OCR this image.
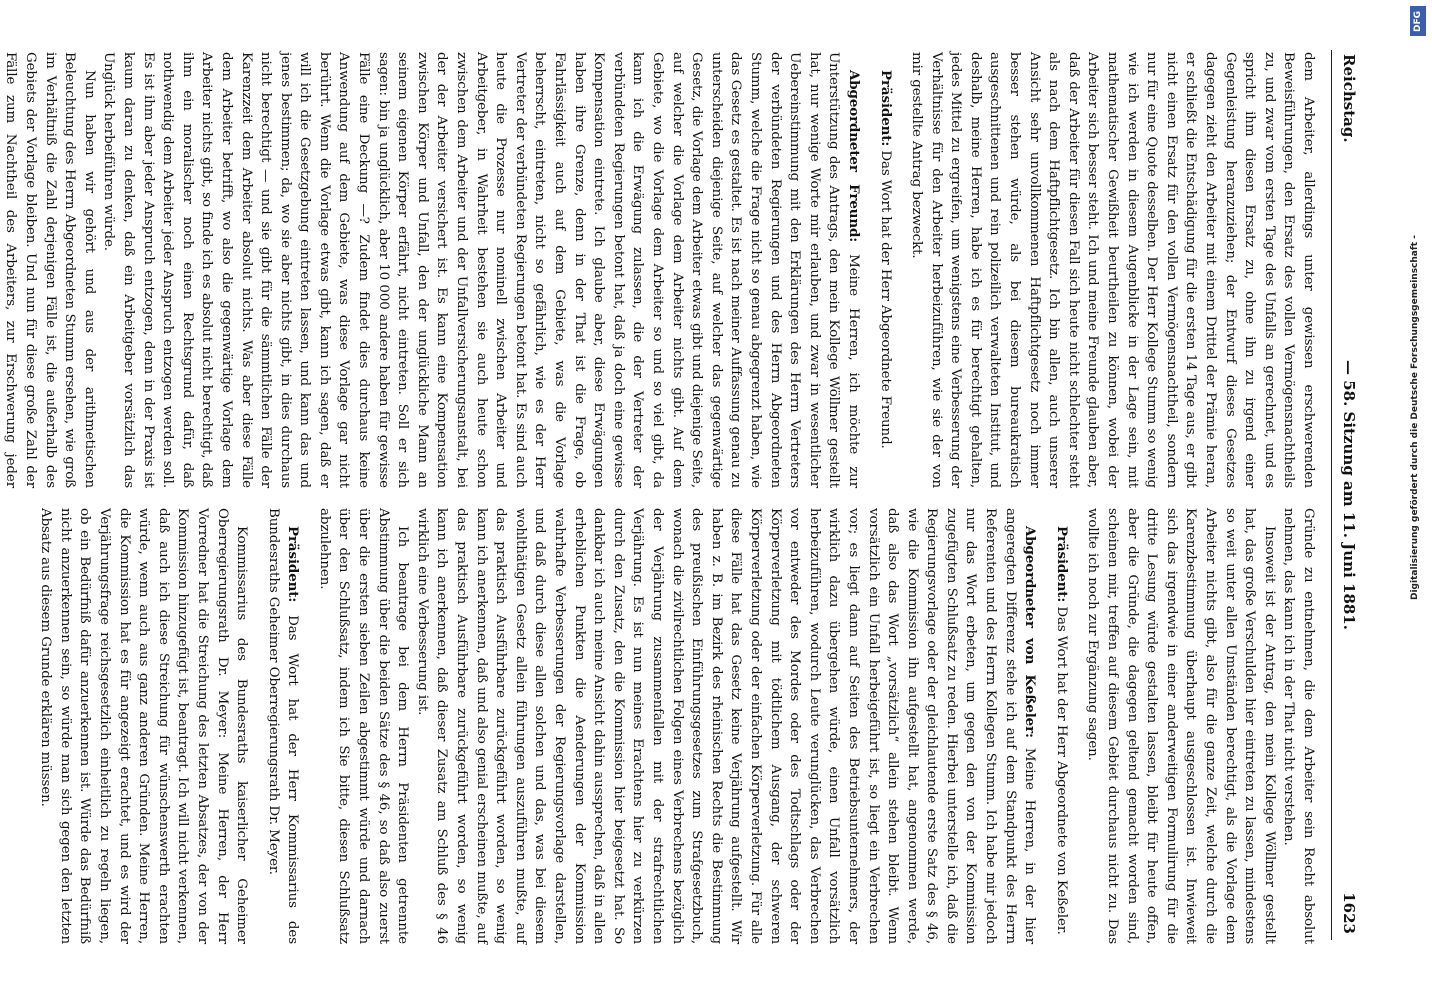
Reichstag.
— 58. Sitzung am 11. Juni 1881.
1623

dem Arbeiter, allerdings unter gewissen erschwerenden Beweisführungen, den Ersatz des vollen Vermögensnachtheils zu, und zwar vom ersten Tage des Unfalls an gerechnet, und es spricht ihm diesen Ersatz zu, ohne ihn zu irgend einer Gegenleistung heranzuziehen; der Entwurf dieses Gesetzes dagegen zieht den Arbeiter mit einem Drittel der Prämie heran, er schließt die Entschädigung für die ersten 14 Tage aus, er gibt nicht einen Ersatz für den vollen Vermögensnachtheil, sondern nur für eine Quote desselben. Der Herr Kollege Stumm so wenig wie ich werden in diesem Augenblicke in der Lage sein, mit mathematischer Gewißheit beurtheilen zu können, wobei der Arbeiter sich besser steht. Ich und meine Freunde glauben aber, daß der Arbeiter für diesen Fall sich heute nicht schlechter steht als nach dem Haftpflichtgesetz. Ich bin allen, auch unserer Ansicht sehr unvollkommenen Haftpflichtgesetz noch immer besser stehen würde, als bei diesem bureaukratisch ausgeschnittenen und rein polizeilich verwalteten Institut, und deshalb, meine Herren, habe ich es für berechtigt gehalten, jedes Mittel zu ergreifen, um wenigstens eine Verbesserung der Verhältnisse für den Arbeiter herbeizuführen, wie sie der von mir gestellte Antrag bezweckt.

Präsident: Das Wort hat der Herr Abgeordnete Freund.

Abgeordneter Freund: Meine Herren, ich möchte zur Unterstützung des Antrags, den mein Kollege Wöllmer gestellt hat, nur wenige Worte mir erlauben, und zwar in wesentlicher Uebereinstimmung mit den Erklärungen des Herrn Vertreters der verbündeten Regierungen und des Herrn Abgeordneten Stumm, welche die Frage nicht so genau abgegrenzt haben, wie das Gesetz es gestaltet. Es ist nach meiner Auffassung genau zu unterscheiden diejenige Seite, auf welcher das gegenwärtige Gesetz, die Vorlage dem Arbeiter etwas gibt und diejenige Seite, auf welcher die Vorlage dem Arbeiter nichts gibt. Auf dem Gebiete, wo die Vorlage dem Arbeiter so und so viel gibt, da kann ich die Erwägung zulassen, die der Vertreter der verbündeten Regierungen betont hat, daß ja doch eine gewisse Kompensation eintrete. Ich glaube aber, diese Erwägungen haben ihre Grenze, denn in der That ist die Frage, ob Fahrlässigkeit auch auf dem Gebiete, was die Vorlage beherrscht, eintreten, nicht so gefährlich, wie es der Herr Vertreter der verbündeten Regierungen betont hat. Es sind auch heute die Prozesse nur nominell zwischen Arbeiter und Arbeitgeber, in Wahrheit bestehen sie auch heute schon zwischen dem Arbeiter und der Unfallversicherungsanstalt, bei der der Arbeiter versichert ist. Es kann eine Kompensation zwischen Körper und Unfall, den der unglückliche Mann an seinem eigenen Körper erfährt, nicht eintreten. Soll er sich sagen: bin ja unglücklich, aber 10 000 andere haben für gewisse Fälle eine Deckung —? Zudem findet dies durchaus keine Anwendung auf dem Gebiete, was diese Vorlage gar nicht berührt. Wenn die Vorlage etwas gibt, kann ich sagen, daß er will ich die Gesetzgebung eintreten lassen, und kann das und jenes bestimmen; da, wo sie aber nichts gibt, in dies durchaus nicht berechtigt — und sie gibt für die sämmtlichen Fälle der Karenzzeit dem Arbeiter absolut nichts. Was aber diese Fälle dem Arbeiter betrifft, wo also die gegenwärtige Vorlage dem Arbeiter nichts gibt, so finde ich es absolut nicht berechtigt, daß ihm ein moralischer noch einen Rechtsgrund dafür, daß nothwendig dem Arbeiter jeder Anspruch entzogen werden soll. Es ist ihm aber jeder Anspruch entzogen, denn in der Praxis ist kaum daran zu denken, daß ein Arbeitgeber vorsätzlich das Unglück herbeiführen würde.

Nun haben wir gehört und aus der arithmetischen Beleuchtung des Herrn Abgeordneten Stumm ersehen, wie groß im Verhältniß die Zahl derjenigen Fälle ist, die außerhalb des Gebiets der Vorlage bleiben. Und nun für diese große Zahl der Fälle zum Nachtheil des Arbeiters, zur Erschwerung jeder

Gründe zu entnehmen, die dem Arbeiter sein Recht absolut nehmen, das kann ich in der That nicht verstehen.

Insoweit ist der Antrag, den mein Kollege Wöllmer gestellt hat, das große Verschulden hier eintreten zu lassen, mindestens so weit unter allen Umständen berechtigt, als die Vorlage dem Arbeiter nichts gibt, also für die ganze Zeit, welche durch die Karenzbestimmung überhaupt ausgeschlossen ist. Inwieweit sich das irgendwie in einer anderweitigen Formulirung für die dritte Lesung würde gestalten lassen, bleibt für heute offen, aber die Gründe, die dagegen geltend gemacht worden sind, scheinen mir, treffen auf diesem Gebiet durchaus nicht zu. Das wollte ich noch zur Ergänzung sagen.

Präsident: Das Wort hat der Herr Abgeordnete von Keßeler.

Abgeordneter von Keßeler: Meine Herren, in der hier angeregten Differenz stehe ich auf dem Standpunkt des Herrn Referenten und des Herrn Kollegen Stumm. Ich habe mir jedoch nur das Wort erbeten, um gegen den von der Kommission zugefügten Schlußsatz zu reden. Hierbei unterstelle ich, daß die Regierungsvorlage oder der gleichlautende erste Satz des § 46, wie die Kommission ihn aufgestellt hat, angenommen werde, daß also das Wort „vorsätzlich“ allein stehen bleibt. Wenn vorsätzlich ein Unfall herbeigeführt ist, so liegt ein Verbrechen vor; es liegt dann auf Seiten des Betriebsunternehmers, der wirklich dazu übergehen würde, einen Unfall vorsätzlich herbeizuführen, wodurch Leute verunglücken, das Verbrechen vor entweder des Mordes oder des Todtschlags oder der Körperverletzung mit tödtlichem Ausgang, der schweren Körperverletzung oder der einfachen Körperverletzung. Für alle diese Fälle hat das Gesetz keine Verjährung aufgestellt. Wir haben z. B. im Bezirk des rheinischen Rechts die Bestimmung des preußischen Einführungsgesetzes zum Strafgesetzbuch, wonach die zivilrechtlichen Folgen eines Verbrechens bezüglich der Verjährung zusammenfallen mit der strafrechtlichen Verjährung. Es ist nun meines Erachtens hier zu verkürzen durch den Zusatz, den die Kommission hier beigesetzt hat. So dankbar ich auch meine Ansicht dahin aussprechen, daß in allen erheblichen Punkten die Aenderungen der Kommission wahrhafte Verbesserungen der Regierungsvorlage darstellen, und daß durch diese allen solchen und das, was bei diesem wohlthätigen Gesetz allein führungen auszuführen mußte, auf das praktisch Ausführbare zurückgeführt worden, so wenig kann ich anerkennen, daß und also genial erscheinen mußte, auf das praktisch Ausführbare zurückgeführt worden, so wenig kann ich anerkennen, daß dieser Zusatz am Schluß des § 46 wirklich eine Verbesserung ist.

Ich beantrage bei dem Herrn Präsidenten getrennte Abstimmung über die beiden Sätze des § 46, so daß also zuerst über die ersten sieben Zeilen abgestimmt würde und darnach über den Schlußsatz, indem ich Sie bitte, diesen Schlußsatz abzulehnen.

Präsident: Das Wort hat der Herr Kommissarius des Bundesraths Geheimer Oberregierungsrath Dr. Meyer.

Kommissarius des Bundesraths kaiserlicher Geheimer Oberregierungsrath Dr. Meyer: Meine Herren, der Herr Vorredner hat die Streichung des letzten Absatzes, der von der Kommission hinzugefügt ist, beantragt. Ich will nicht verkennen, daß auch ich diese Streichung für wünschenswerth erachten würde, wenn auch aus ganz anderen Gründen. Meine Herren, die Kommission hat es für angezeigt erachtet, und es wird der Verjährungsfrage reichsgesetzlich einheitlich zu regeln liegen, ob ein Bedürfniß dafür anzuerkennen ist. Würde das Bedürfniß nicht anzuerkennen sein, so würde man sich gegen den letzten Absatz aus diesem Grunde erklären müssen.

DFG
Digitalisierung gefördert durch die Deutsche Forschungsgemeinschaft -
